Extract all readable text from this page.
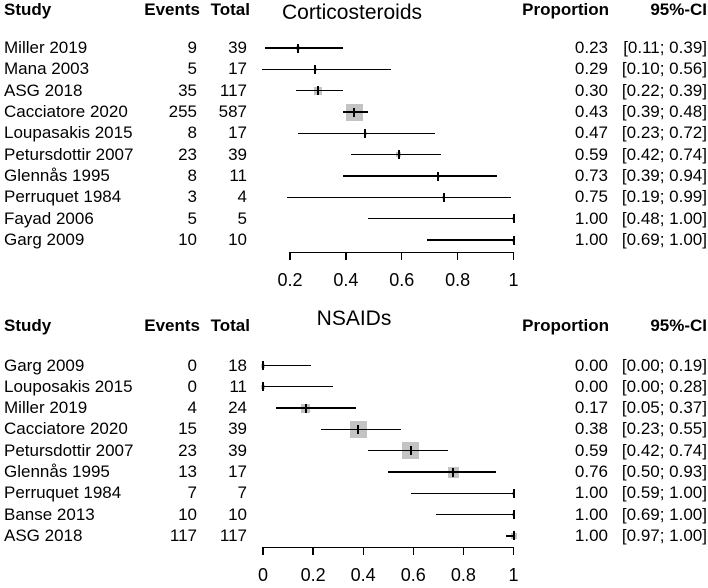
Study	Events Total	Proportion 95%-CI
Corticosteroids
Study	Events Total	Proportion 95%-CI
NSAIDs
Miller 2019	9 39	0.23 [0.11; 0.39]
Mana 2003	5 17	0.29 [0.10; 0.56]
ASG 2018	35 117	0.30 [0.22; 0.39]
Cacciatore 2020 255 587	0.43 [0.39; 0.48]
Loupasakis 2015	8 17	0.47 [0.23; 0.72]
Petursdottir 2007	23 39	0.59 [0.42; 0.74]
Glennås 1995	8 11	0.73 [0.39; 0.94]
Perruquet 1984	3 4	0.75 [0.19; 0.99]
Fayad 2006	5 5	1.00 [0.48; 1.00]
Garg 2009	10 10	1.00 [0.69; 1.00]
0.2	0.4	0.6	0.8	1
Garg 2009	0 18	0.00 [0.00; 0.19]
Louposakis 2015	0 11	0.00 [0.00; 0.28]
Miller 2019	4 24	0.17 [0.05; 0.37]
Cacciatore 2020	15 39	0.38 [0.23; 0.55]
Petursdottir 2007	23 39	0.59 [0.42; 0.74]
Glennås 1995	13 17	0.76 [0.50; 0.93]
Perruquet 1984	7 7	1.00 [0.59; 1.00]
Banse 2013	10 10	1.00 [0.69; 1.00]
ASG 2018	117 117	1.00 [0.97; 1.00]
0	0.2	0.4	0.6	0.8	1
